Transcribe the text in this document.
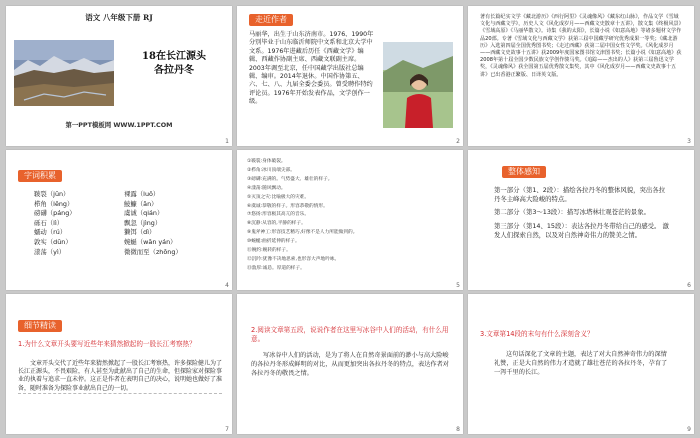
语文 八年级下册 RJ
18在长江源头
各拉丹冬
第一PPT模板网 WWW.1PPT.COM
1
走近作者
马丽华，出生于山东济南市。1976、1990年分别毕业于山东临沂师院中文系和北京大学中文系。1976年进藏后历任《西藏文学》编辑、西藏作协副主席、西藏文联副主席。2003年调至北京，任中国藏学出版社总编辑、编审。2014年退休。中国作协第五、六、七、八、九届全委会委员。曾受聘作特约评论员。1976年开始发表作品，文学创作一级。
2
著有长篇纪实文学《藏北游历》《西行阿里》《灵魂像风》《藏东红山脉》，作品文学《雪域文化与西藏文学》，历史人文《风化成岁月——西藏文史散章十五讲》，散文集《终极风景》《雪域高原》《马丽华散文》。诗集《我的太阳》，长篇小说《如意高地》等诸多题材文学作品20部。专著《雪域文化与西藏文学》获第三届中国藏学研究优秀成果一等奖；《藏北游历》入选第四届全国优秀图书奖；《走过西藏》获第二届中国女性文学奖。《风化成岁月——西藏文史故事十五讲》获2009年度国家图书馆文津图书奖；长篇小说《如意高地》获2008年第十届全国少数民族文学创作骏马奖。《追踪——杰出的人》获第三届鲁迅文学奖，《灵魂像风》获全国第五届优秀散文集奖，其中《风化成岁月——西藏文史故事十五讲》已出香港正繁版、日译英文版。
3
字词积累
皲裂（jūn）
栉角（lěng）
磅礴（páng）
砾石（lì）
蠕动（rú）
敦实（dūn）
漾荡（yì）
裸露（luǒ）
鮟鱇（ān）
虞诚（qián）
飘忽（jìng）
獭饵（dì）
婉蜒（wān yán）
微微而至（zhōng）
4
①皲裂:身体破裂。
②栉角:冰川顶端尖部。
③磅礴:充满的。气势盛大、雄壮的样子。
④漾荡:随风飘动。
⑤灭顶之灾:比喻极大的灾难。
⑥虞诚:恭敬的样子。形容恭敬的情形。
⑦悠扬:形容极其高亢的音乐。
⑧沉静:从容的,平静的样子。
⑨鬼斧神工:形容技艺精巧,好像不是人力所能做到的。
⑩蜿蜒:曲折延伸的样子。
⑪婉约:婉转的样子。
⑫沉吟:犹豫不决地思索,也形容大声地吟咏。
⑬敦厚:诚恳。厚道的样子。
5
整体感知
第一部分（第1、2段）：描绘各拉丹冬的整体风貌，突出各拉 丹冬主峰高大险峻的特点。
第二部分（第3～13段）：描写冰塔林壮观苍茫的景象。
第三部分（第14、15段）：表达各拉丹冬带给自己的感受。 激发人们探索自然，以及对自然神奇伟力的赞美之情。
6
细节精读
1.为什么文章开头要写近些年来猜然掀起的一股长江考察热？
文章开头交代了近些年来猜然掀起了一股长江考察热，许多探险健儿为了长江正源头，不畏艰险，有人甚至为此献出了自己的生命，但探险家对探险事业的执着与追求一直未停。这正是作者在表明自己的决心，说明她也做好了准备，随时准备为探险事业献出自己的一切。
7
2.阅读文章第五段，说说作者在这里写冰谷中人们的活动，有什么用意。
写冰谷中人们的活动，是为了将人在自然奇景面前的渺小与高大险峻的各拉丹冬形成鲜明的对比，从而更加突出各拉丹冬的特点，表达作者对各拉丹冬的敬畏之情。
8
3.文章第14段的末句有什么深刻含义？
这句话深化了文章的主题，表达了对大自然神奇伟力的深情礼赞，正是大自然的伟力才造就了雄壮苍茫的各拉丹冬，孕育了一泻千里的长江。
9
